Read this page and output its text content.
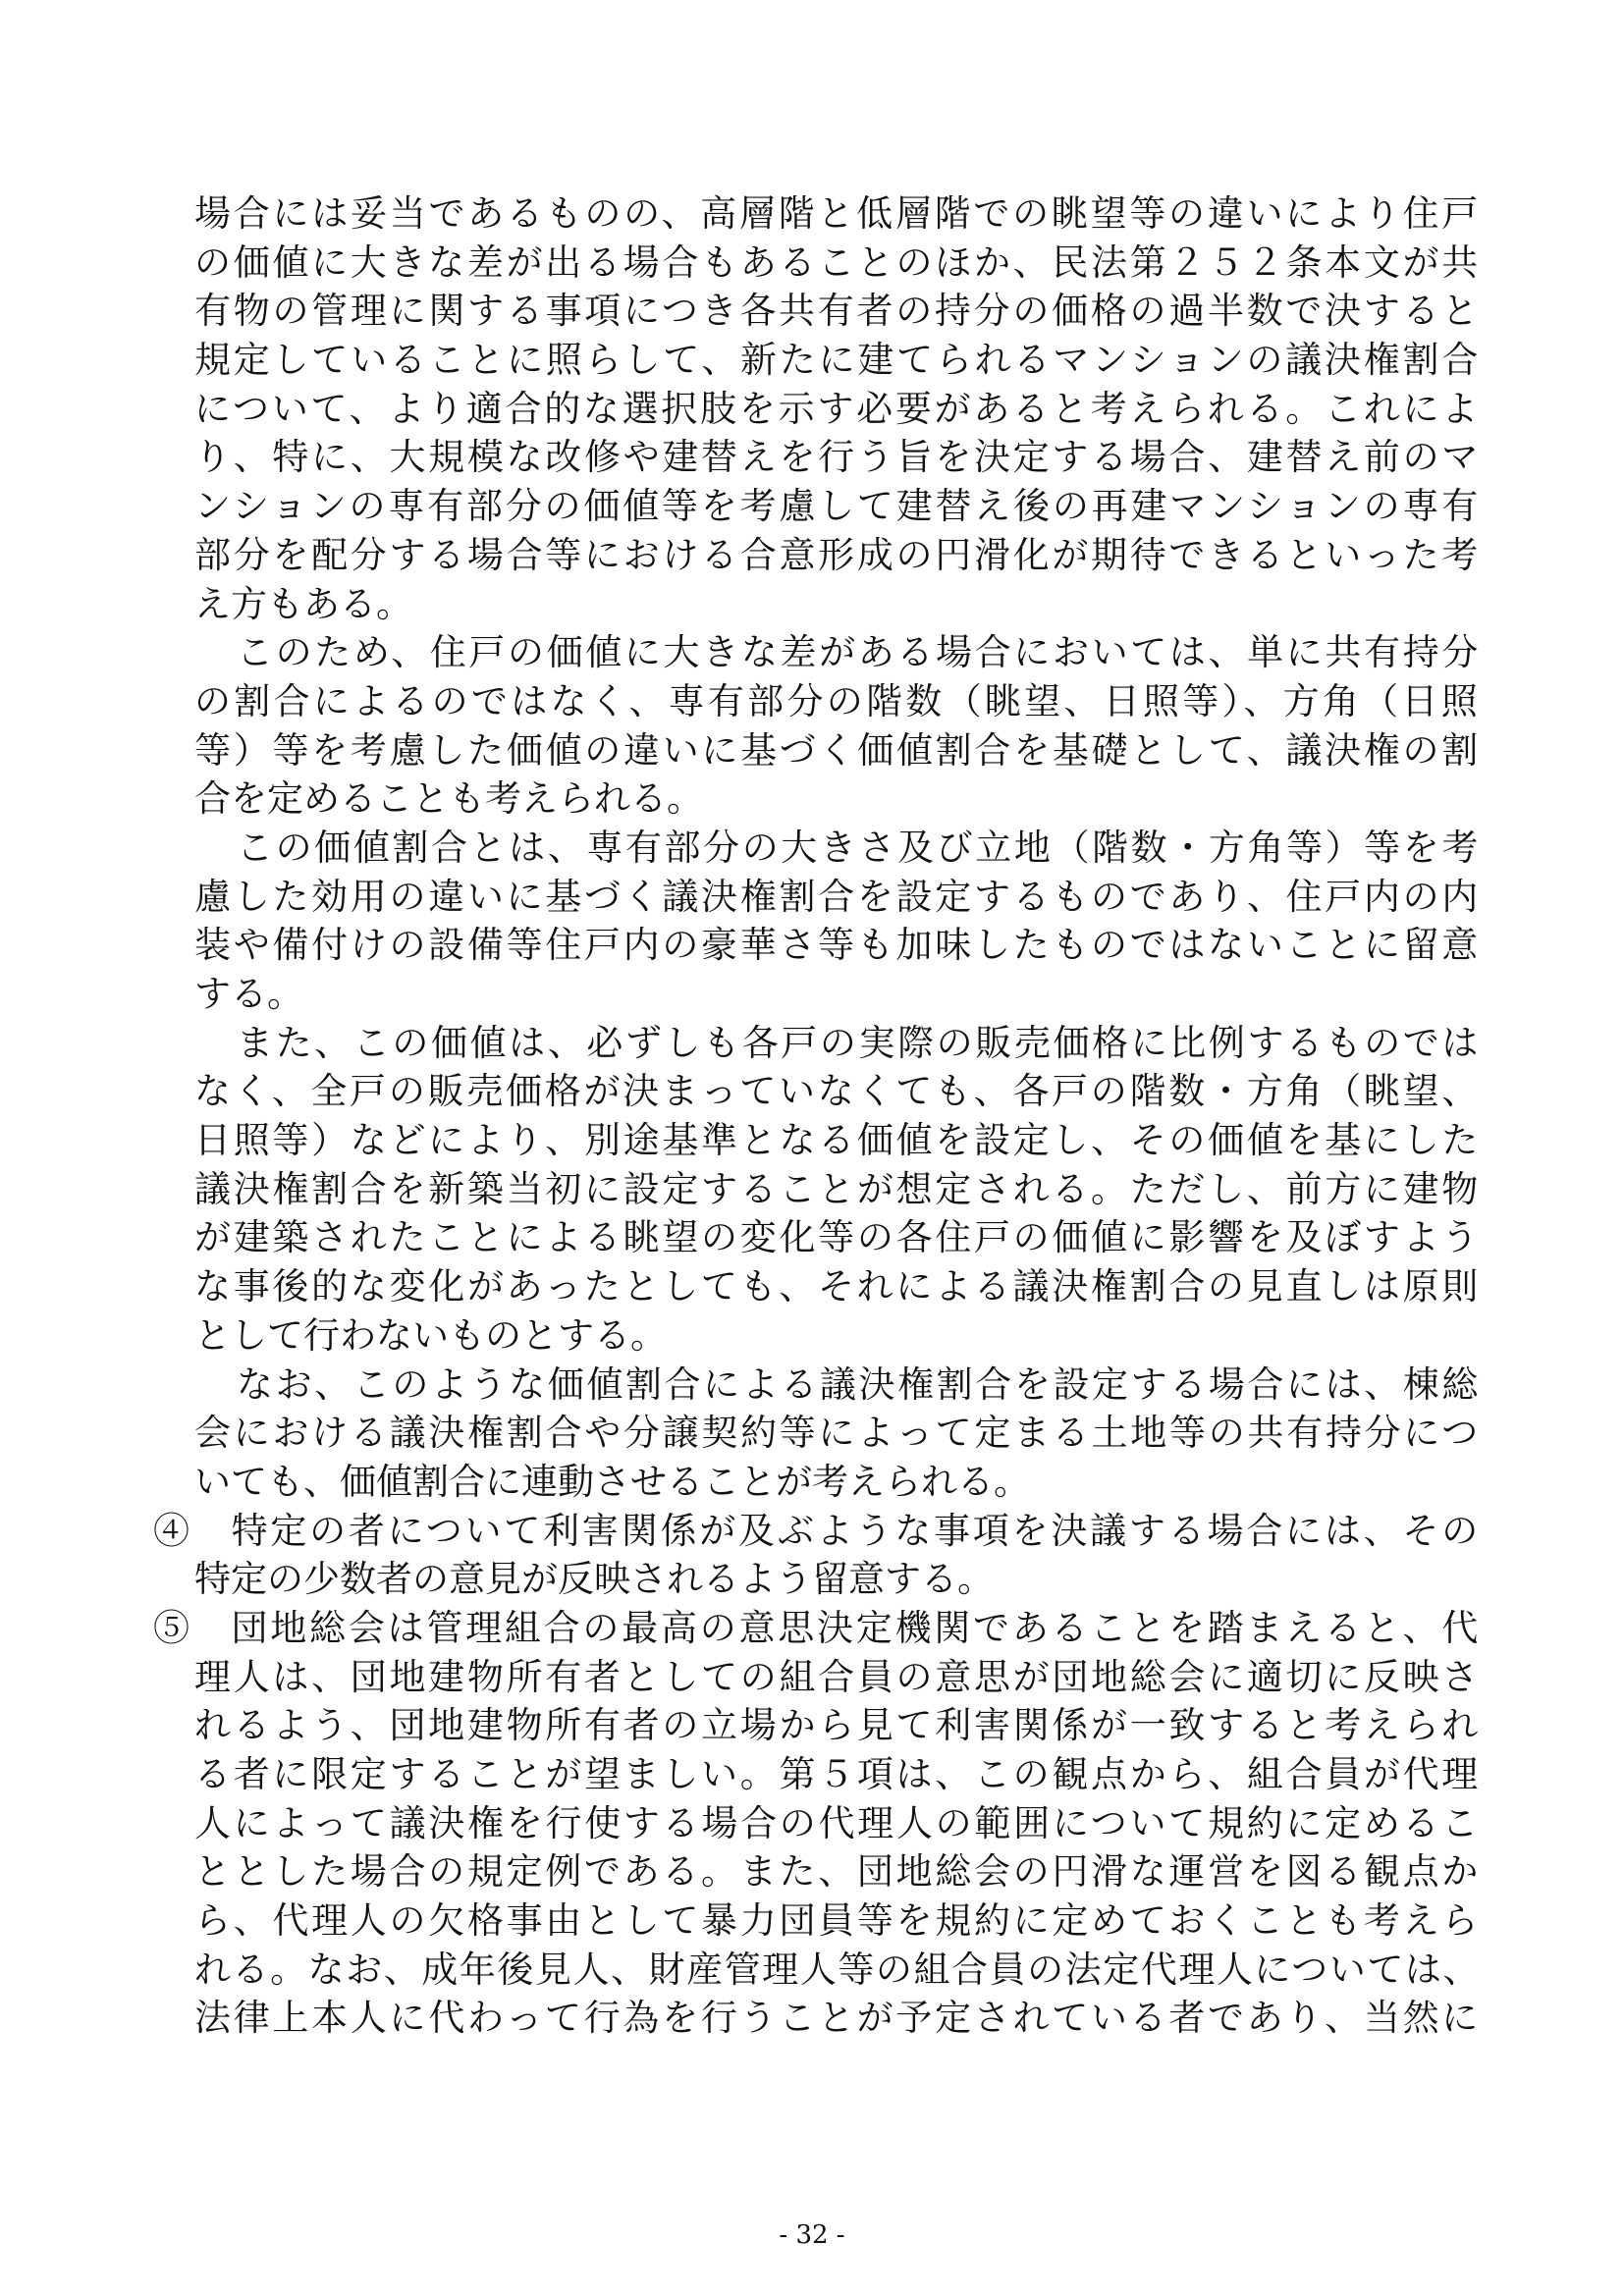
場合には妥当であるものの、高層階と低層階での眺望等の違いにより住戸
の価値に大きな差が出る場合もあることのほか、民法第２５２条本文が共
有物の管理に関する事項につき各共有者の持分の価格の過半数で決すると
規定していることに照らして、新たに建てられるマンションの議決権割合
について、より適合的な選択肢を示す必要があると考えられる。これによ
り、特に、大規模な改修や建替えを行う旨を決定する場合、建替え前のマ
ンションの専有部分の価値等を考慮して建替え後の再建マンションの専有
部分を配分する場合等における合意形成の円滑化が期待できるといった考
え方もある。
このため、住戸の価値に大きな差がある場合においては、単に共有持分
の割合によるのではなく、専有部分の階数（眺望、日照等）、方角（日照
等）等を考慮した価値の違いに基づく価値割合を基礎として、議決権の割
合を定めることも考えられる。
この価値割合とは、専有部分の大きさ及び立地（階数・方角等）等を考
慮した効用の違いに基づく議決権割合を設定するものであり、住戸内の内
装や備付けの設備等住戸内の豪華さ等も加味したものではないことに留意
する。
また、この価値は、必ずしも各戸の実際の販売価格に比例するものでは
なく、全戸の販売価格が決まっていなくても、各戸の階数・方角（眺望、
日照等）などにより、別途基準となる価値を設定し、その価値を基にした
議決権割合を新築当初に設定することが想定される。ただし、前方に建物
が建築されたことによる眺望の変化等の各住戸の価値に影響を及ぼすよう
な事後的な変化があったとしても、それによる議決権割合の見直しは原則
として行わないものとする。
なお、このような価値割合による議決権割合を設定する場合には、棟総
会における議決権割合や分譲契約等によって定まる土地等の共有持分につ
いても、価値割合に連動させることが考えられる。
④　特定の者について利害関係が及ぶような事項を決議する場合には、その
特定の少数者の意見が反映されるよう留意する。
⑤　団地総会は管理組合の最高の意思決定機関であることを踏まえると、代
理人は、団地建物所有者としての組合員の意思が団地総会に適切に反映さ
れるよう、団地建物所有者の立場から見て利害関係が一致すると考えられ
る者に限定することが望ましい。第５項は、この観点から、組合員が代理
人によって議決権を行使する場合の代理人の範囲について規約に定めるこ
ととした場合の規定例である。また、団地総会の円滑な運営を図る観点か
ら、代理人の欠格事由として暴力団員等を規約に定めておくことも考えら
れる。なお、成年後見人、財産管理人等の組合員の法定代理人については、
法律上本人に代わって行為を行うことが予定されている者であり、当然に
- 32 -
